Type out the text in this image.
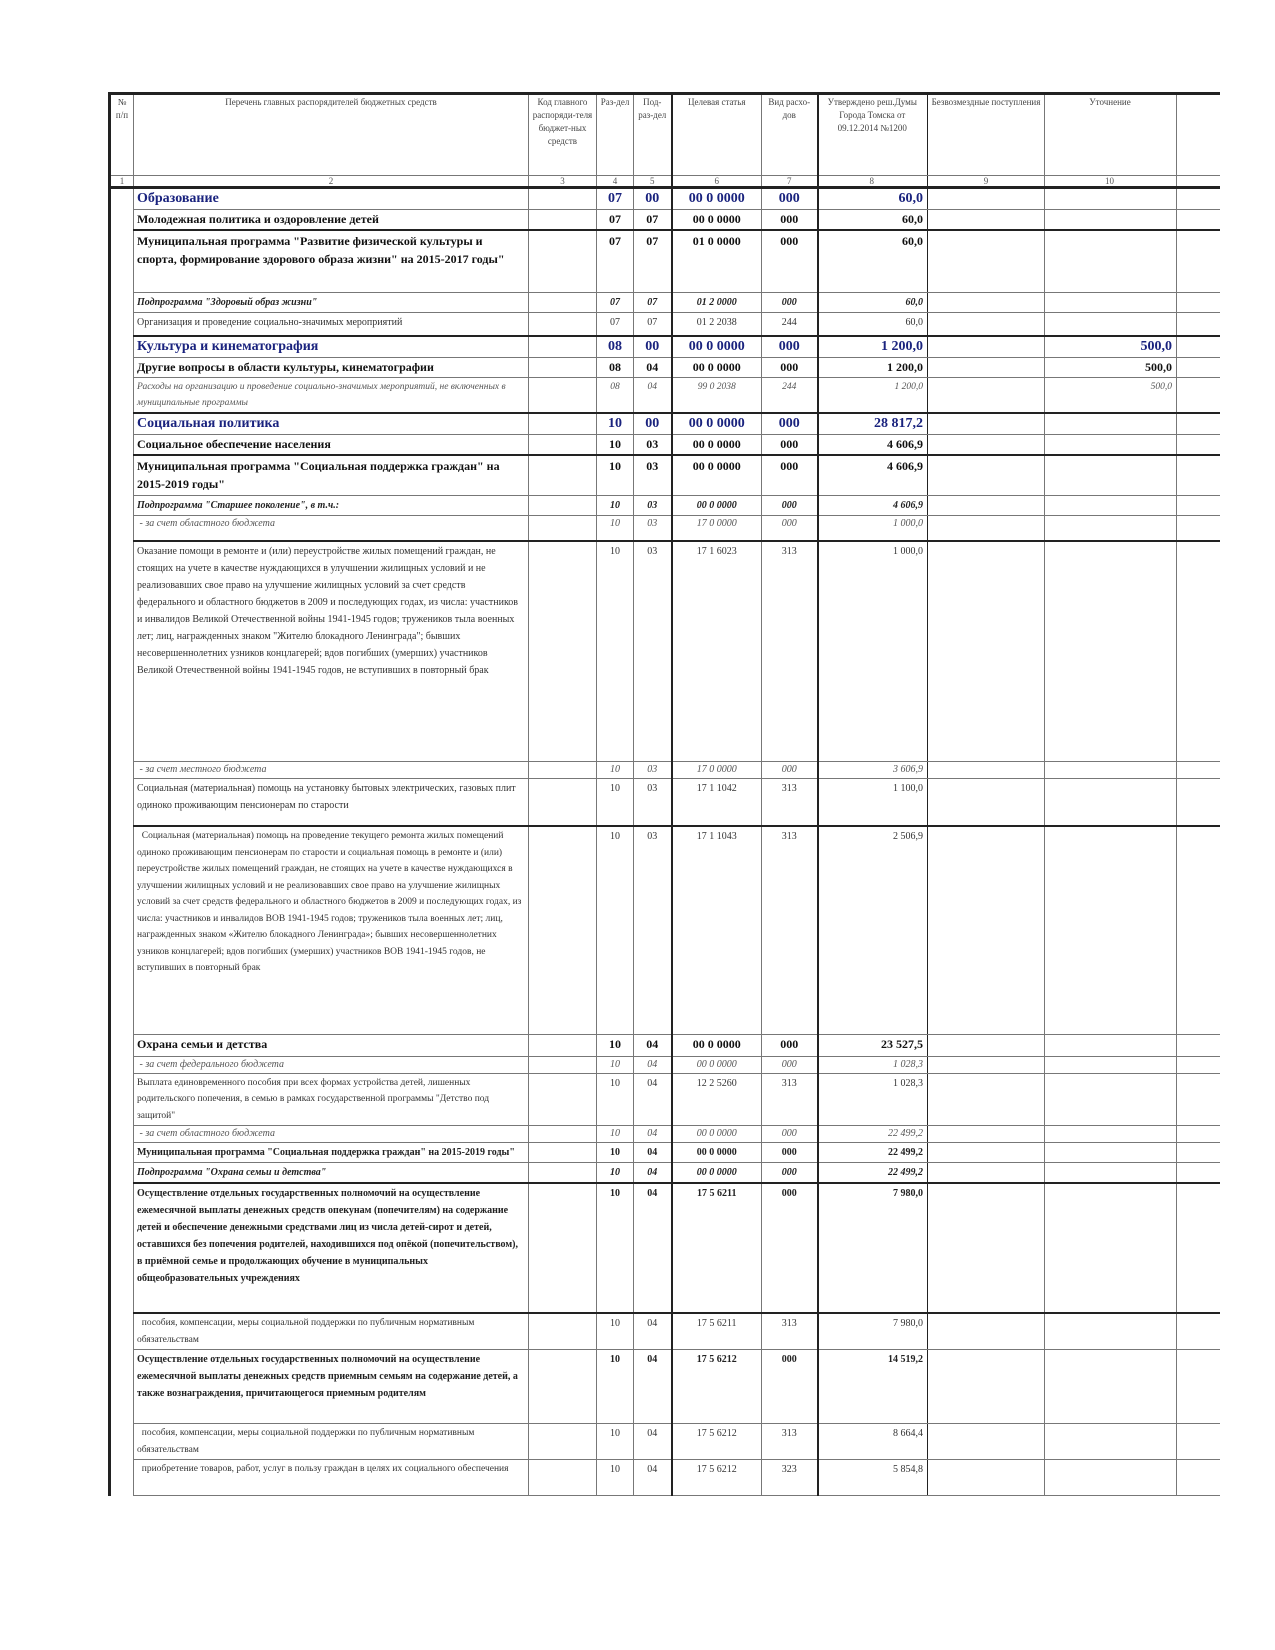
№ п/п	Перечень главных распорядителей бюджетных средств	Код главного распоряди-теля бюджет-ных средств	Раз-дел	Под-раз-дел	Целевая статья	Вид расхо-дов	Утверждено реш.Думы Города Томска от 09.12.2014 №1200	Безвозмездные поступления	Уточнение	
1	2	3	4	5	6	7	8	9	10	
	Образование		07	00	00 0 0000	000	60,0			
	Молодежная политика и оздоровление детей		07	07	00 0 0000	000	60,0			
	Муниципальная программа "Развитие физической культуры и спорта, формирование здорового образа жизни" на 2015-2017 годы"		07	07	01 0 0000	000	60,0			
	Подпрограмма "Здоровый образ жизни"		07	07	01 2 0000	000	60,0			
	Организация и проведение социально-значимых мероприятий		07	07	01 2 2038	244	60,0			
	Культура и кинематография		08	00	00 0 0000	000	1 200,0		500,0	
	Другие вопросы в области культуры, кинематографии		08	04	00 0 0000	000	1 200,0		500,0	
	Расходы на организацию и проведение социально-значимых мероприятий, не включенных в муниципальные программы		08	04	99 0 2038	244	1 200,0		500,0	
	Социальная политика		10	00	00 0 0000	000	28 817,2			
	Социальное обеспечение населения		10	03	00 0 0000	000	4 606,9			
	Муниципальная программа "Социальная поддержка граждан" на 2015-2019 годы"		10	03	00 0 0000	000	4 606,9			
	Подпрограмма "Старшее поколение", в т.ч.:		10	03	00 0 0000	000	4 606,9			
	- за счет областного бюджета		10	03	17 0 0000	000	1 000,0			
	Оказание помощи в ремонте и (или) переустройстве жилых помещений граждан, не стоящих на учете в качестве нуждающихся в улучшении жилищных условий и не реализовавших свое право на улучшение жилищных условий за счет средств федерального и областного бюджетов в 2009 и последующих годах, из числа: участников и инвалидов Великой Отечественной войны 1941-1945 годов; тружеников тыла военных лет; лиц, награжденных знаком "Жителю блокадного Ленинграда"; бывших несовершеннолетних узников концлагерей; вдов погибших (умерших) участников Великой Отечественной войны 1941-1945 годов, не вступивших в повторный брак		10	03	17 1 6023	313	1 000,0			
	- за счет местного бюджета		10	03	17 0 0000	000	3 606,9			
	Социальная (материальная) помощь на установку бытовых электрических, газовых плит одиноко проживающим пенсионерам по старости		10	03	17 1 1042	313	1 100,0			
	Социальная (материальная) помощь на проведение текущего ремонта жилых помещений одиноко проживающим пенсионерам по старости и социальная помощь в ремонте и (или) переустройстве жилых помещений граждан, не стоящих на учете в качестве нуждающихся в улучшении жилищных условий и не реализовавших свое право на улучшение жилищных условий за счет средств федерального и областного бюджетов в 2009 и последующих годах, из числа: участников и инвалидов ВОВ 1941-1945 годов; тружеников тыла военных лет; лиц, награжденных знаком «Жителю блокадного Ленинграда»; бывших несовершеннолетних узников концлагерей; вдов погибших (умерших) участников ВОВ 1941-1945 годов, не вступивших в повторный брак		10	03	17 1 1043	313	2 506,9			
	Охрана семьи и детства		10	04	00 0 0000	000	23 527,5			
	- за счет федерального бюджета		10	04	00 0 0000	000	1 028,3			
	Выплата единовременного пособия при всех формах устройства детей, лишенных родительского попечения, в семью в рамках государственной программы "Детство под защитой"		10	04	12 2 5260	313	1 028,3			
	- за счет областного бюджета		10	04	00 0 0000	000	22 499,2			
	Муниципальная программа "Социальная поддержка граждан" на 2015-2019 годы"		10	04	00 0 0000	000	22 499,2			
	Подпрограмма "Охрана семьи и детства"		10	04	00 0 0000	000	22 499,2			
	Осуществление отдельных государственных полномочий на осуществление ежемесячной выплаты денежных средств опекунам (попечителям) на содержание детей и обеспечение денежными средствами лиц из числа детей-сирот и детей, оставшихся без попечения родителей, находившихся под опёкой (попечительством), в приёмной семье и продолжающих обучение в муниципальных общеобразовательных учреждениях		10	04	17 5 6211	000	7 980,0			
	пособия, компенсации, меры социальной поддержки по публичным нормативным обязательствам		10	04	17 5 6211	313	7 980,0			
	Осуществление отдельных государственных полномочий на осуществление ежемесячной выплаты денежных средств приемным семьям на содержание детей, а также вознаграждения, причитающегося приемным родителям		10	04	17 5 6212	000	14 519,2			
	пособия, компенсации, меры социальной поддержки по публичным нормативным обязательствам		10	04	17 5 6212	313	8 664,4			
	приобретение товаров, работ, услуг в пользу граждан в целях их социального обеспечения		10	04	17 5 6212	323	5 854,8			
